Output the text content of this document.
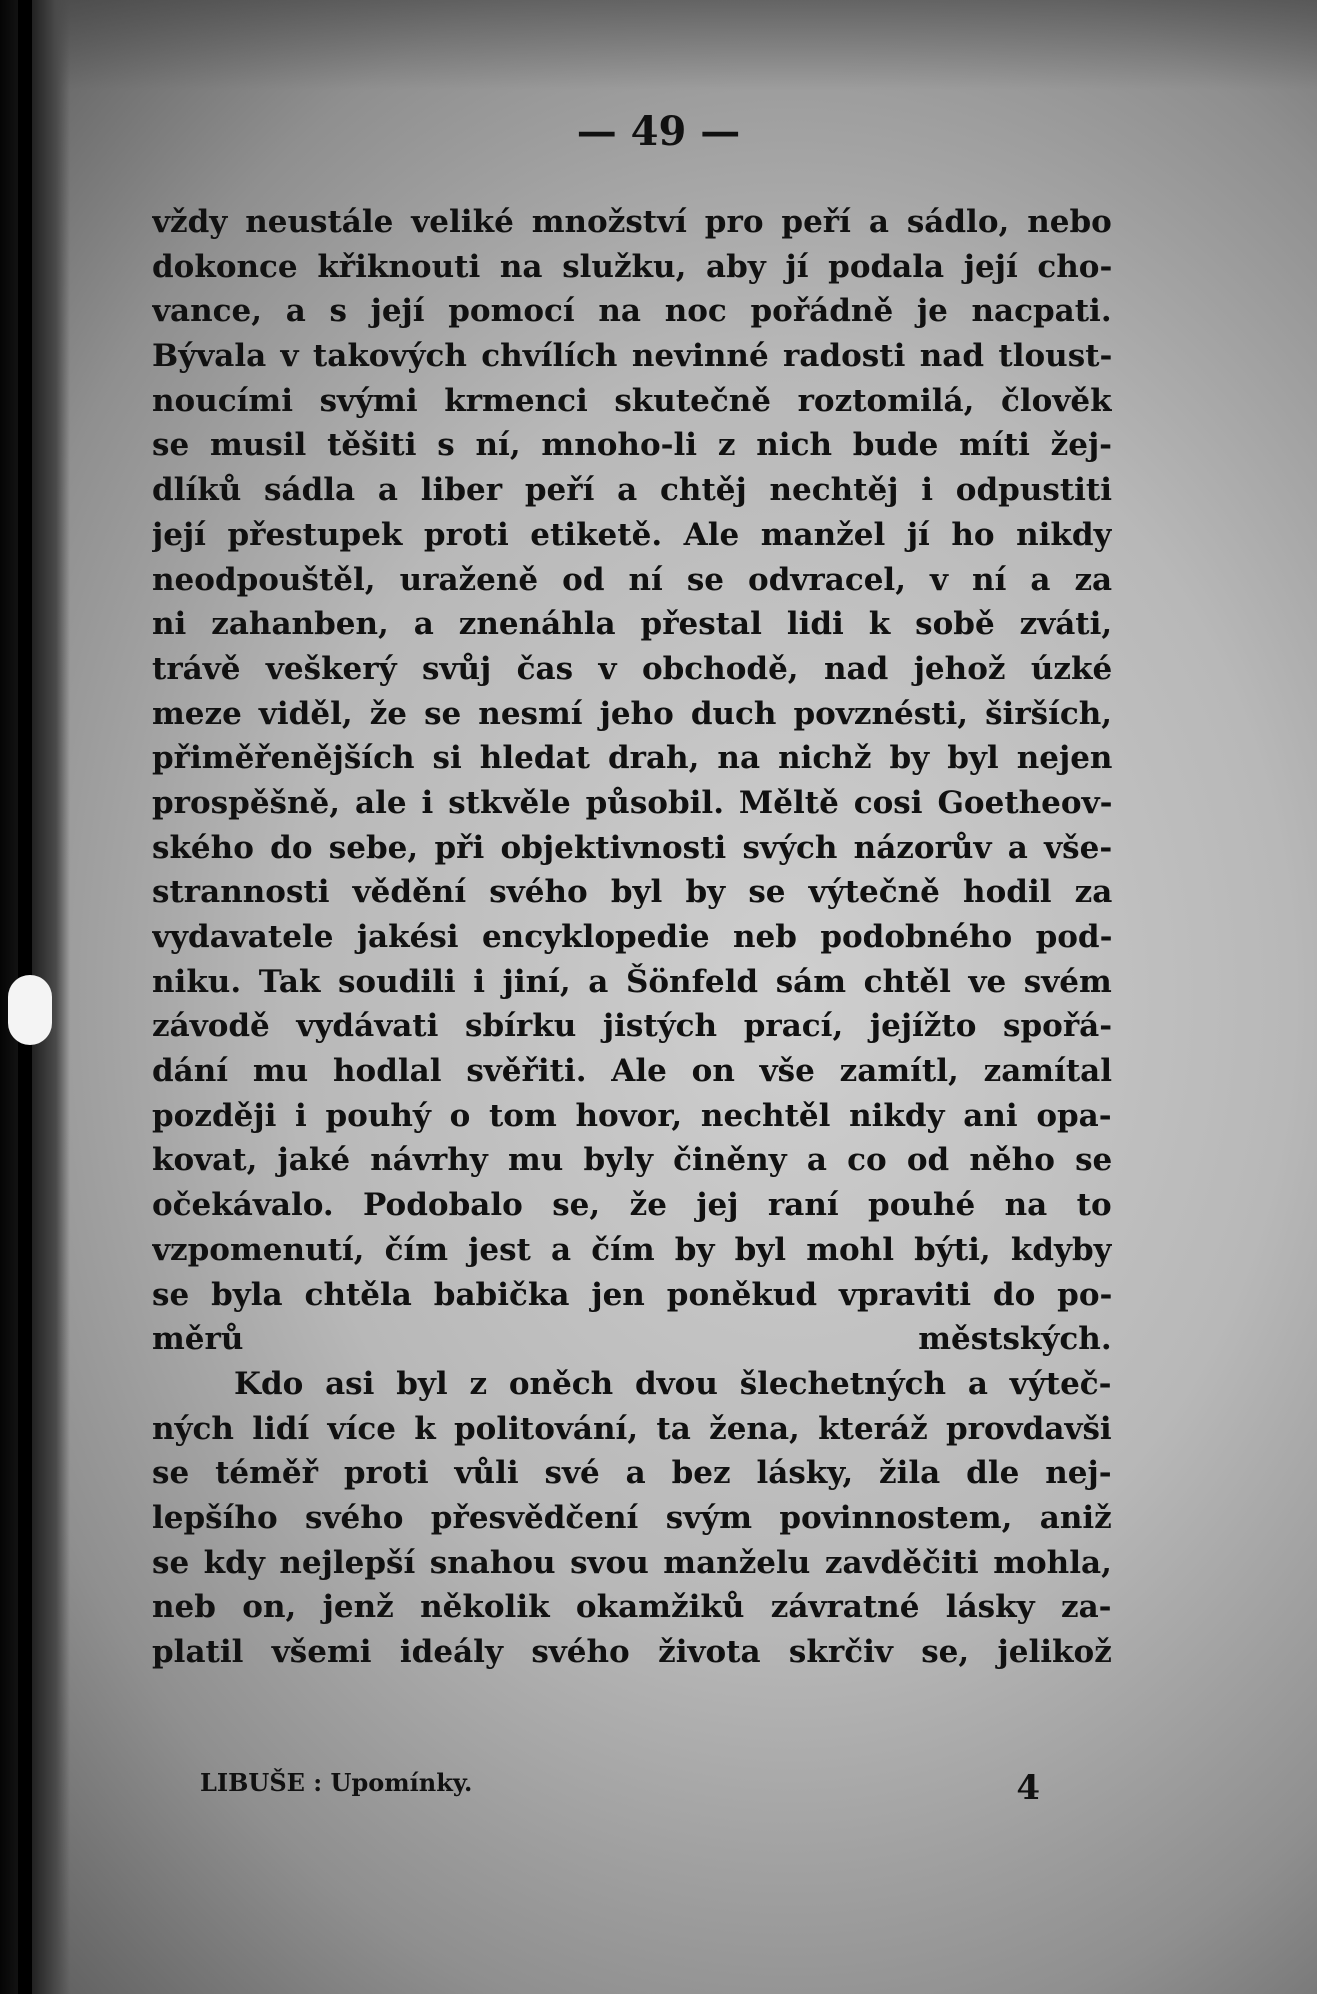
— 49 —
vždy neustále veliké množství pro peří a sádlo, nebo
dokonce křiknouti na služku, aby jí podala její cho-
vance, a s její pomocí na noc pořádně je nacpati.
Bývala v takových chvílích nevinné radosti nad tloust-
noucími svými krmenci skutečně roztomilá, člověk
se musil těšiti s ní, mnoho-li z nich bude míti žej-
dlíků sádla a liber peří a chtěj nechtěj i odpustiti
její přestupek proti etiketě. Ale manžel jí ho nikdy
neodpouštěl, uraženě od ní se odvracel, v ní a za
ni zahanben, a znenáhla přestal lidi k sobě zváti,
trávě veškerý svůj čas v obchodě, nad jehož úzké
meze viděl, že se nesmí jeho duch povznésti, širších,
přiměřenějších si hledat drah, na nichž by byl nejen
prospěšně, ale i stkvěle působil. Měltě cosi Goetheov-
ského do sebe, při objektivnosti svých názorův a vše-
strannosti vědění svého byl by se výtečně hodil za
vydavatele jakési encyklopedie neb podobného pod-
niku. Tak soudili i jiní, a Šönfeld sám chtěl ve svém
závodě vydávati sbírku jistých prací, jejížto spořá-
dání mu hodlal svěřiti. Ale on vše zamítl, zamítal
později i pouhý o tom hovor, nechtěl nikdy ani opa-
kovat, jaké návrhy mu byly činěny a co od něho se
očekávalo. Podobalo se, že jej raní pouhé na to
vzpomenutí, čím jest a čím by byl mohl býti, kdyby
se byla chtěla babička jen poněkud vpraviti do po-
měrů městských.
Kdo asi byl z oněch dvou šlechetných a výteč-
ných lidí více k politování, ta žena, kteráž provdavši
se téměř proti vůli své a bez lásky, žila dle nej-
lepšího svého přesvědčení svým povinnostem, aniž
se kdy nejlepší snahou svou manželu zavděčiti mohla,
neb on, jenž několik okamžiků závratné lásky za-
platil všemi ideály svého života skrčiv se, jelikož
LIBUŠE : Upomínky.	4
